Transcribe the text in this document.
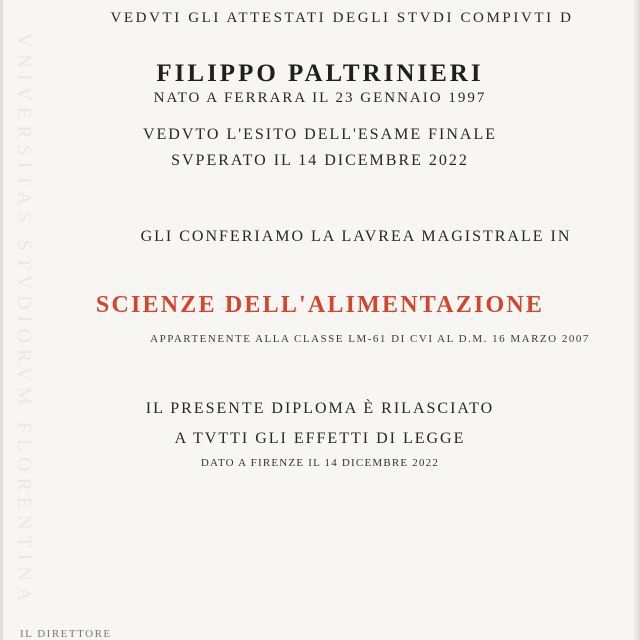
VNIVERSITAS STVDIORVM FLORENTINA
VEDVTI GLI ATTESTATI DEGLI STVDI COMPIVTI D
FILIPPO PALTRINIERI
NATO A FERRARA IL 23 GENNAIO 1997
VEDVTO L'ESITO DELL'ESAME FINALE
SVPERATO IL 14 DICEMBRE 2022
GLI CONFERIAMO LA LAVREA MAGISTRALE IN
SCIENZE DELL'ALIMENTAZIONE
APPARTENENTE ALLA CLASSE LM-61 DI CVI AL D.M. 16 MARZO 2007
IL PRESENTE DIPLOMA È RILASCIATO
A TVTTI GLI EFFETTI DI LEGGE
DATO A FIRENZE IL 14 DICEMBRE 2022
IL DIRETTORE
